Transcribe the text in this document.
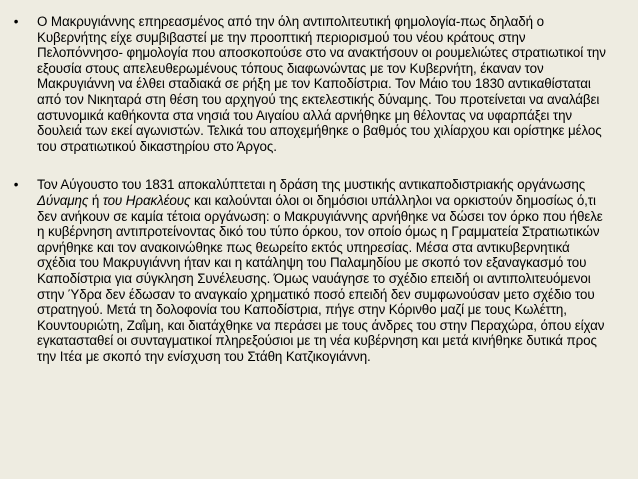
• Ο Μακρυγιάννης επηρεασμένος από την όλη αντιπολιτευτική φημολογία-πως δηλαδή ο Κυβερνήτης είχε συμβιβαστεί με την προοπτική περιορισμού του νέου κράτους στην Πελοπόννησο- φημολογία που αποσκοπούσε στο να ανακτήσουν οι ρουμελιώτες στρατιωτικοί την εξουσία στους απελευθερωμένους τόπους διαφωνώντας με τον Κυβερνήτη, έκαναν τον Μακρυγιάννη να έλθει σταδιακά σε ρήξη με τον Καποδίστρια. Τον Μάιο του 1830 αντικαθίσταται από τον Νικηταρά στη θέση του αρχηγού της εκτελεστικής δύναμης. Του προτείνεται να αναλάβει αστυνομικά καθήκοντα στα νησιά του Αιγαίου αλλά αρνήθηκε μη θέλοντας να υφαρπάξει την δουλειά των εκεί αγωνιστών. Τελικά του αποχεμήθηκε ο βαθμός του χιλίαρχου και ορίστηκε μέλος του στρατιωτικού δικαστηρίου στο Άργος.
• Τον Αύγουστο του 1831 αποκαλύπτεται η δράση της μυστικής αντικαποδιστριακής οργάνωσης Δύναμης ή του Ηρακλέους και καλούνται όλοι οι δημόσιοι υπάλληλοι να ορκιστούν δημοσίως ό,τι δεν ανήκουν σε καμία τέτοια οργάνωση: ο Μακρυγιάννης αρνήθηκε να δώσει τον όρκο που ήθελε η κυβέρνηση αντιπροτείνοντας δικό του τύπο όρκου, τον οποίο όμως η Γραμματεία Στρατιωτικών αρνήθηκε και τον ανακοινώθηκε πως θεωρείτο εκτός υπηρεσίας. Μέσα στα αντικυβερνητικά σχέδια του Μακρυγιάννη ήταν και η κατάληψη του Παλαμηδίου με σκοπό τον εξαναγκασμό του Καποδίστρια για σύγκληση Συνέλευσης. Όμως ναυάγησε το σχέδιο επειδή οι αντιπολιτευόμενοι στην Ύδρα δεν έδωσαν το αναγκαίο χρηματικό ποσό επειδή δεν συμφωνούσαν μετο σχέδιο του στρατηγού. Μετά τη δολοφονία του Καποδίστρια, πήγε στην Κόρινθο μαζί με τους Κωλέττη, Κουντουριώτη, Ζαΐμη, και διατάχθηκε να περάσει με τους άνδρες του στην Περαχώρα, όπου είχαν εγκατασταθεί οι συνταγματικοί πληρεξούσιοι με τη νέα κυβέρνηση και μετά κινήθηκε δυτικά προς την Ιτέα με σκοπό την ενίσχυση του Στάθη Κατζικογιάννη.
